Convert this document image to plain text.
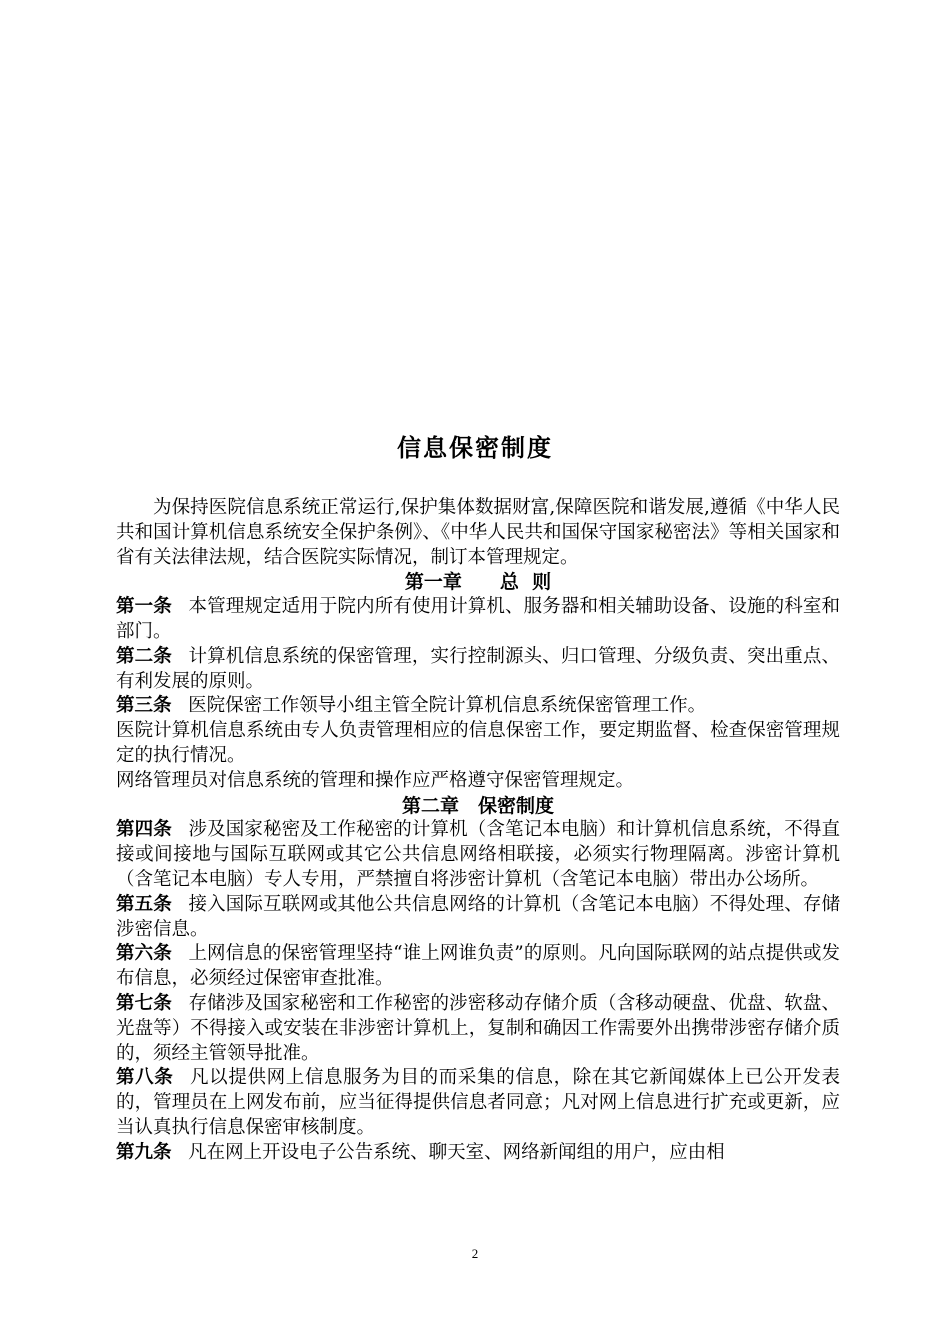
信息保密制度

为保持医院信息系统正常运行,保护集体数据财富,保障医院和谐发展,遵循《中华人民共和国计算机信息系统安全保护条例》、《中华人民共和国保守国家秘密法》等相关国家和省有关法律法规，结合医院实际情况，制订本管理规定。

第一章 总  则

第一条 本管理规定适用于院内所有使用计算机、服务器和相关辅助设备、设施的科室和部门。

第二条 计算机信息系统的保密管理，实行控制源头、归口管理、分级负责、突出重点、有利发展的原则。

第三条 医院保密工作领导小组主管全院计算机信息系统保密管理工作。

医院计算机信息系统由专人负责管理相应的信息保密工作，要定期监督、检查保密管理规定的执行情况。

网络管理员对信息系统的管理和操作应严格遵守保密管理规定。

第二章 保密制度

第四条 涉及国家秘密及工作秘密的计算机（含笔记本电脑）和计算机信息系统，不得直接或间接地与国际互联网或其它公共信息网络相联接，必须实行物理隔离。涉密计算机（含笔记本电脑）专人专用，严禁擅自将涉密计算机（含笔记本电脑）带出办公场所。

第五条 接入国际互联网或其他公共信息网络的计算机（含笔记本电脑）不得处理、存储涉密信息。

第六条 上网信息的保密管理坚持“谁上网谁负责”的原则。凡向国际联网的站点提供或发布信息，必须经过保密审查批准。

第七条 存储涉及国家秘密和工作秘密的涉密移动存储介质（含移动硬盘、优盘、软盘、光盘等）不得接入或安装在非涉密计算机上，复制和确因工作需要外出携带涉密存储介质的，须经主管领导批准。

第八条 凡以提供网上信息服务为目的而采集的信息，除在其它新闻媒体上已公开发表的，管理员在上网发布前，应当征得提供信息者同意；凡对网上信息进行扩充或更新，应当认真执行信息保密审核制度。

第九条 凡在网上开设电子公告系统、聊天室、网络新闻组的用户，应由相

2
